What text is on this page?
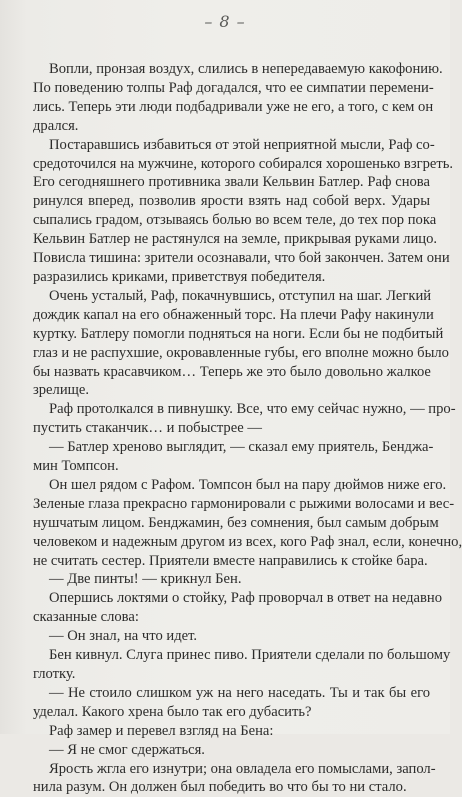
– 8 –
Вопли, пронзая воздух, слились в непередаваемую какофонию.
По поведению толпы Раф догадался, что ее симпатии перемени-
лись. Теперь эти люди подбадривали уже не его, а того, с кем он
дрался.
Постаравшись избавиться от этой неприятной мысли, Раф со-
средоточился на мужчине, которого собирался хорошенько взгреть.
Его сегодняшнего противника звали Кельвин Батлер. Раф снова
ринулся вперед, позволив ярости взять над собой верх. Удары
сыпались градом, отзываясь болью во всем теле, до тех пор пока
Кельвин Батлер не растянулся на земле, прикрывая руками лицо.
Повисла тишина: зрители осознавали, что бой закончен. Затем они
разразились криками, приветствуя победителя.
Очень усталый, Раф, покачнувшись, отступил на шаг. Легкий
дождик капал на его обнаженный торс. На плечи Рафу накинули
куртку. Батлеру помогли подняться на ноги. Если бы не подбитый
глаз и не распухшие, окровавленные губы, его вполне можно было
бы назвать красавчиком… Теперь же это было довольно жалкое
зрелище.
Раф протолкался в пивнушку. Все, что ему сейчас нужно, — про-
пустить стаканчик… и побыстрее —
— Батлер хреново выглядит, — сказал ему приятель, Бенджа-
мин Томпсон.
Он шел рядом с Рафом. Томпсон был на пару дюймов ниже его.
Зеленые глаза прекрасно гармонировали с рыжими волосами и вес-
нушчатым лицом. Бенджамин, без сомнения, был самым добрым
человеком и надежным другом из всех, кого Раф знал, если, конечно,
не считать сестер. Приятели вместе направились к стойке бара.
— Две пинты! — крикнул Бен.
Опершись локтями о стойку, Раф проворчал в ответ на недавно
сказанные слова:
— Он знал, на что идет.
Бен кивнул. Слуга принес пиво. Приятели сделали по большому
глотку.
— Не стоило слишком уж на него наседать. Ты и так бы его
уделал. Какого хрена было так его дубасить?
Раф замер и перевел взгляд на Бена:
— Я не смог сдержаться.
Ярость жгла его изнутри; она овладела его помыслами, запол-
нила разум. Он должен был победить во что бы то ни стало.
